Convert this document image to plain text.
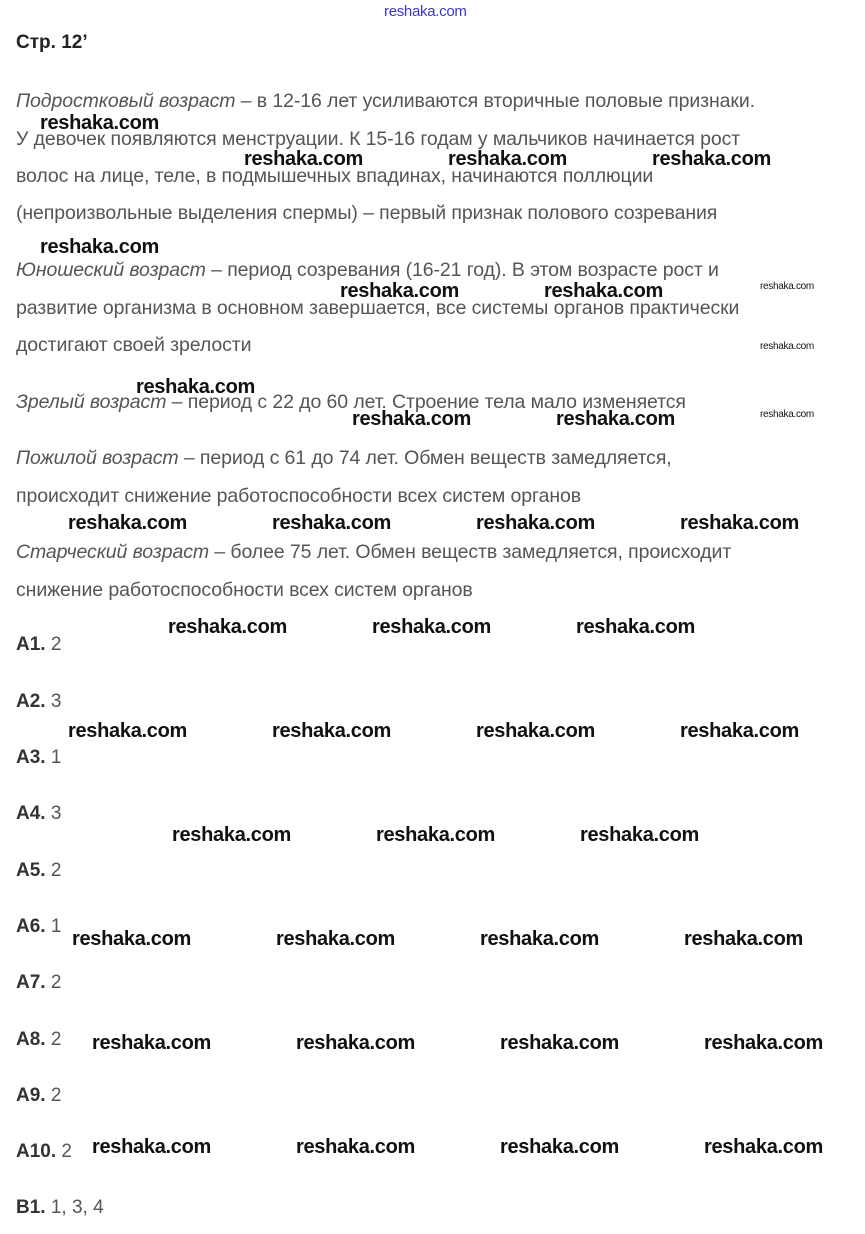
Стр. 12’
Подростковый возраст – в 12-16 лет усиливаются вторичные половые признаки.
У девочек появляются менструации. К 15-16 годам у мальчиков начинается рост
волос на лице, теле, в подмышечных впадинах, начинаются поллюции
(непроизвольные выделения спермы) – первый признак полового созревания
Юношеский возраст – период созревания (16-21 год). В этом возрасте рост и
развитие организма в основном завершается, все системы органов практически
достигают своей зрелости
Зрелый возраст – период с 22 до 60 лет. Строение тела мало изменяется
Пожилой возраст – период с 61 до 74 лет. Обмен веществ замедляется,
происходит снижение работоспособности всех систем органов
Старческий возраст – более 75 лет. Обмен веществ замедляется, происходит
снижение работоспособности всех систем органов
A1. 2
A2. 3
A3. 1
A4. 3
A5. 2
A6. 1
A7. 2
A8. 2
A9. 2
A10. 2
B1. 1, 3, 4
reshaka.com
reshaka.com
reshaka.com	reshaka.com	reshaka.com
reshaka.com
reshaka.com	reshaka.com	reshaka.com
reshaka.com
reshaka.com
reshaka.com	reshaka.com	reshaka.com
reshaka.com	reshaka.com	reshaka.com	reshaka.com
reshaka.com	reshaka.com	reshaka.com
reshaka.com	reshaka.com	reshaka.com	reshaka.com
reshaka.com	reshaka.com	reshaka.com
reshaka.com	reshaka.com	reshaka.com	reshaka.com
reshaka.com	reshaka.com	reshaka.com	reshaka.com
reshaka.com	reshaka.com	reshaka.com	reshaka.com
